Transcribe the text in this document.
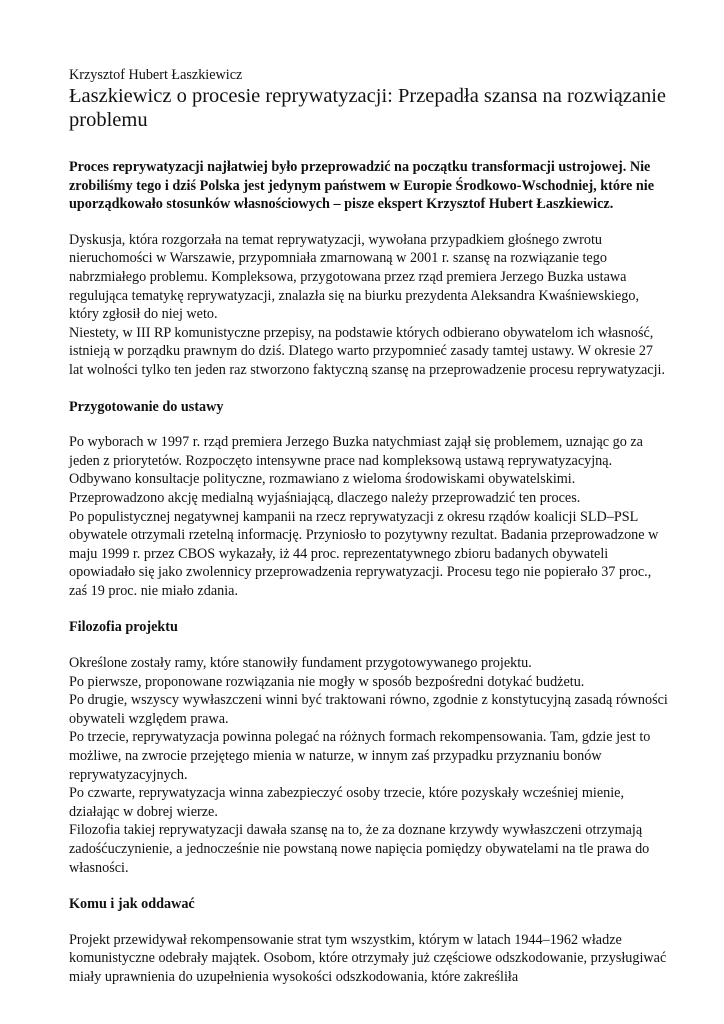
Krzysztof Hubert Łaszkiewicz

Łaszkiewicz o procesie reprywatyzacji: Przepadła szansa na rozwiązanie problemu

Proces reprywatyzacji najłatwiej było przeprowadzić na początku transformacji ustrojowej. Nie zrobiliśmy tego i dziś Polska jest jedynym państwem w Europie Środkowo-Wschodniej, które nie uporządkowało stosunków własnościowych – pisze ekspert Krzysztof Hubert Łaszkiewicz.

Dyskusja, która rozgorzała na temat reprywatyzacji, wywołana przypadkiem głośnego zwrotu nieruchomości w Warszawie, przypomniała zmarnowaną w 2001 r. szansę na rozwiązanie tego nabrzmiałego problemu. Kompleksowa, przygotowana przez rząd premiera Jerzego Buzka ustawa regulująca tematykę reprywatyzacji, znalazła się na biurku prezydenta Aleksandra Kwaśniewskiego, który zgłosił do niej weto.

Niestety, w III RP komunistyczne przepisy, na podstawie których odbierano obywatelom ich własność, istnieją w porządku prawnym do dziś. Dlatego warto przypomnieć zasady tamtej ustawy. W okresie 27 lat wolności tylko ten jeden raz stworzono faktyczną szansę na przeprowadzenie procesu reprywatyzacji.

Przygotowanie do ustawy

Po wyborach w 1997 r. rząd premiera Jerzego Buzka natychmiast zajął się problemem, uznając go za jeden z priorytetów. Rozpoczęto intensywne prace nad kompleksową ustawą reprywatyzacyjną. Odbywano konsultacje polityczne, rozmawiano z wieloma środowiskami obywatelskimi. Przeprowadzono akcję medialną wyjaśniającą, dlaczego należy przeprowadzić ten proces.

Po populistycznej negatywnej kampanii na rzecz reprywatyzacji z okresu rządów koalicji SLD–PSL obywatele otrzymali rzetelną informację. Przyniosło to pozytywny rezultat. Badania przeprowadzone w maju 1999 r. przez CBOS wykazały, iż 44 proc. reprezentatywnego zbioru badanych obywateli opowiadało się jako zwolennicy przeprowadzenia reprywatyzacji. Procesu tego nie popierało 37 proc., zaś 19 proc. nie miało zdania.

Filozofia projektu

Określone zostały ramy, które stanowiły fundament przygotowywanego projektu.

Po pierwsze, proponowane rozwiązania nie mogły w sposób bezpośredni dotykać budżetu.

Po drugie, wszyscy wywłaszczeni winni być traktowani równo, zgodnie z konstytucyjną zasadą równości obywateli względem prawa.

Po trzecie, reprywatyzacja powinna polegać na różnych formach rekompensowania. Tam, gdzie jest to możliwe, na zwrocie przejętego mienia w naturze, w innym zaś przypadku przyznaniu bonów reprywatyzacyjnych.

Po czwarte, reprywatyzacja winna zabezpieczyć osoby trzecie, które pozyskały wcześniej mienie, działając w dobrej wierze.

Filozofia takiej reprywatyzacji dawała szansę na to, że za doznane krzywdy wywłaszczeni otrzymają zadośćuczynienie, a jednocześnie nie powstaną nowe napięcia pomiędzy obywatelami na tle prawa do własności.

Komu i jak oddawać

Projekt przewidywał rekompensowanie strat tym wszystkim, którym w latach 1944–1962 władze komunistyczne odebrały majątek. Osobom, które otrzymały już częściowe odszkodowanie, przysługiwać miały uprawnienia do uzupełnienia wysokości odszkodowania, które zakreśliła
